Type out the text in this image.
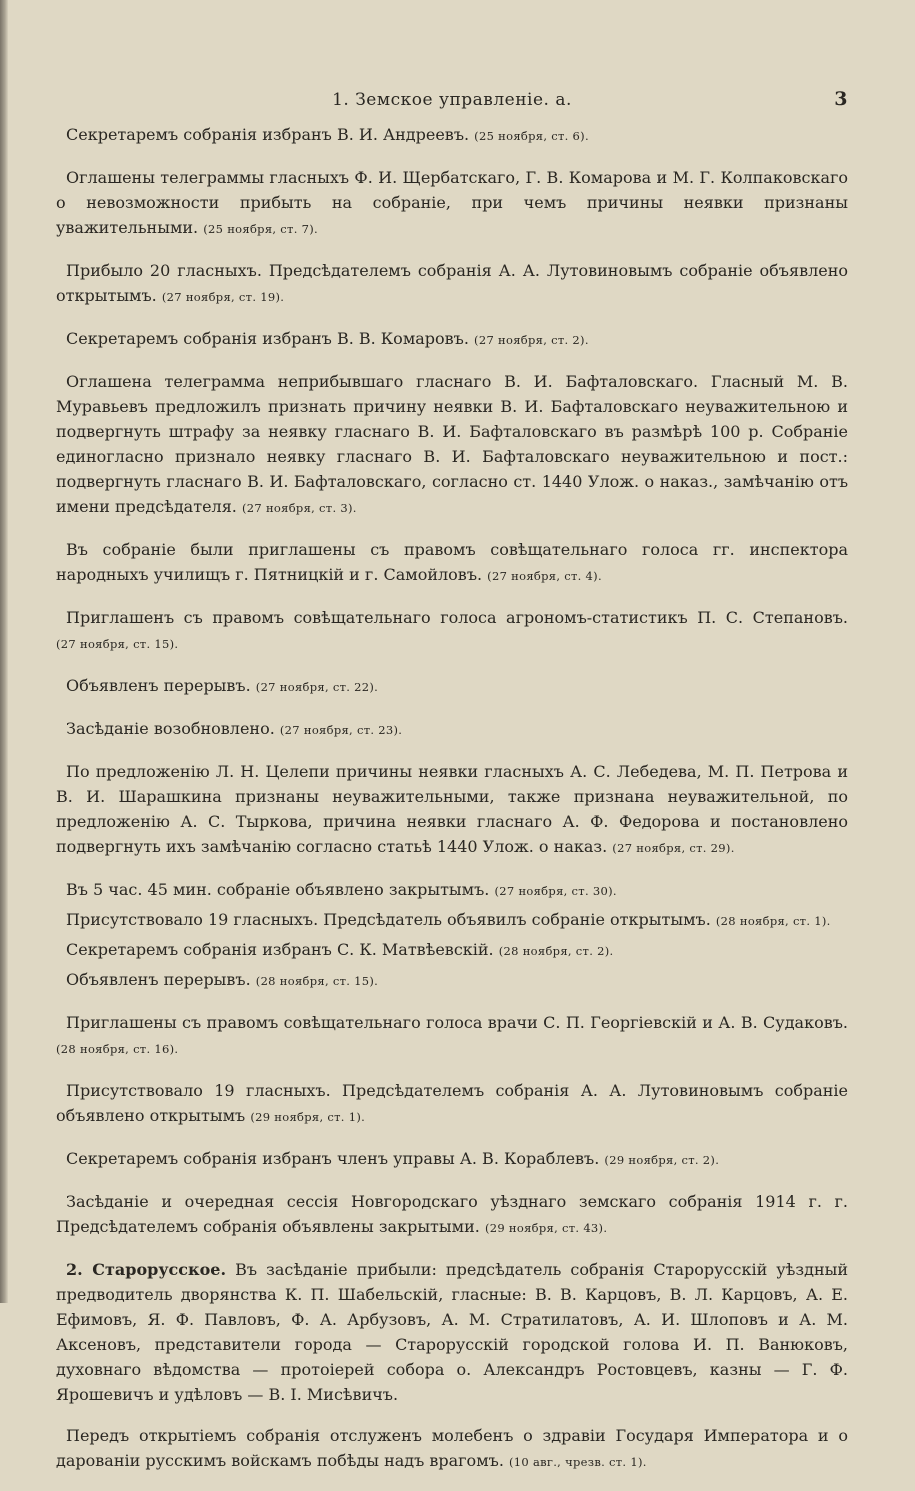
1. Земское управленіе. а.	3

Секретаремъ собранія избранъ В. И. Андреевъ. (25 ноября, ст. 6).

Оглашены телеграммы гласныхъ Ф. И. Щербатскаго, Г. В. Комарова и М. Г. Колпаковскаго о невозможности прибыть на собраніе, при чемъ причины неявки признаны уважительными. (25 ноября, ст. 7).

Прибыло 20 гласныхъ. Предсѣдателемъ собранія А. А. Лутовиновымъ собраніе объявлено открытымъ. (27 ноября, ст. 19).

Секретаремъ собранія избранъ В. В. Комаровъ. (27 ноября, ст. 2).

Оглашена телеграмма неприбывшаго гласнаго В. И. Бафталовскаго. Гласный М. В. Муравьевъ предложилъ признать причину неявки В. И. Бафталовскаго неуважительною и подвергнуть штрафу за неявку гласнаго В. И. Бафталовскаго въ размѣрѣ 100 р. Собраніе единогласно признало неявку гласнаго В. И. Бафталовскаго неуважительною и пост.: подвергнуть гласнаго В. И. Бафталовскаго, согласно ст. 1440 Улож. о наказ., замѣчанію отъ имени предсѣдателя. (27 ноября, ст. 3).

Въ собраніе были приглашены съ правомъ совѣщательнаго голоса гг. инспектора народныхъ училищъ г. Пятницкій и г. Самойловъ. (27 ноября, ст. 4).

Приглашенъ съ правомъ совѣщательнаго голоса агрономъ-статистикъ П. С. Степановъ. (27 ноября, ст. 15).

Объявленъ перерывъ. (27 ноября, ст. 22).

Засѣданіе возобновлено. (27 ноября, ст. 23).

По предложенію Л. Н. Целепи причины неявки гласныхъ А. С. Лебедева, М. П. Петрова и В. И. Шарашкина признаны неуважительными, также признана неуважительной, по предложенію А. С. Тыркова, причина неявки гласнаго А. Ф. Федорова и постановлено подвергнуть ихъ замѣчанію согласно статьѣ 1440 Улож. о наказ. (27 ноября, ст. 29).

Въ 5 час. 45 мин. собраніе объявлено закрытымъ. (27 ноября, ст. 30).

Присутствовало 19 гласныхъ. Предсѣдатель объявилъ собраніе открытымъ. (28 ноября, ст. 1).

Секретаремъ собранія избранъ С. К. Матвѣевскій. (28 ноября, ст. 2).

Объявленъ перерывъ. (28 ноября, ст. 15).

Приглашены съ правомъ совѣщательнаго голоса врачи С. П. Георгіевскій и А. В. Судаковъ. (28 ноября, ст. 16).

Присутствовало 19 гласныхъ. Предсѣдателемъ собранія А. А. Лутовиновымъ собраніе объявлено открытымъ (29 ноября, ст. 1).

Секретаремъ собранія избранъ членъ управы А. В. Кораблевъ. (29 ноября, ст. 2).

Засѣданіе и очередная сессія Новгородскаго уѣзднаго земскаго собранія 1914 г. г. Предсѣдателемъ собранія объявлены закрытыми. (29 ноября, ст. 43).

2. Старорусское. Въ засѣданіе прибыли: предсѣдатель собранія Старорусскій уѣздный предводитель дворянства К. П. Шабельскій, гласные: В. В. Карцовъ, В. Л. Карцовъ, А. Е. Ефимовъ, Я. Ф. Павловъ, Ф. А. Арбузовъ, А. М. Стратилатовъ, А. И. Шлоповъ и А. М. Аксеновъ, представители города — Старорусскій городской голова И. П. Ванюковъ, духовнаго вѣдомства — протоіерей собора о. Александръ Ростовцевъ, казны — Г. Ф. Ярошевичъ и удѣловъ — В. І. Мисѣвичъ.

Передъ открытіемъ собранія отслуженъ молебенъ о здравіи Государя Императора и о дарованіи русскимъ войскамъ побѣды надъ врагомъ. (10 авг., чрезв. ст. 1).
